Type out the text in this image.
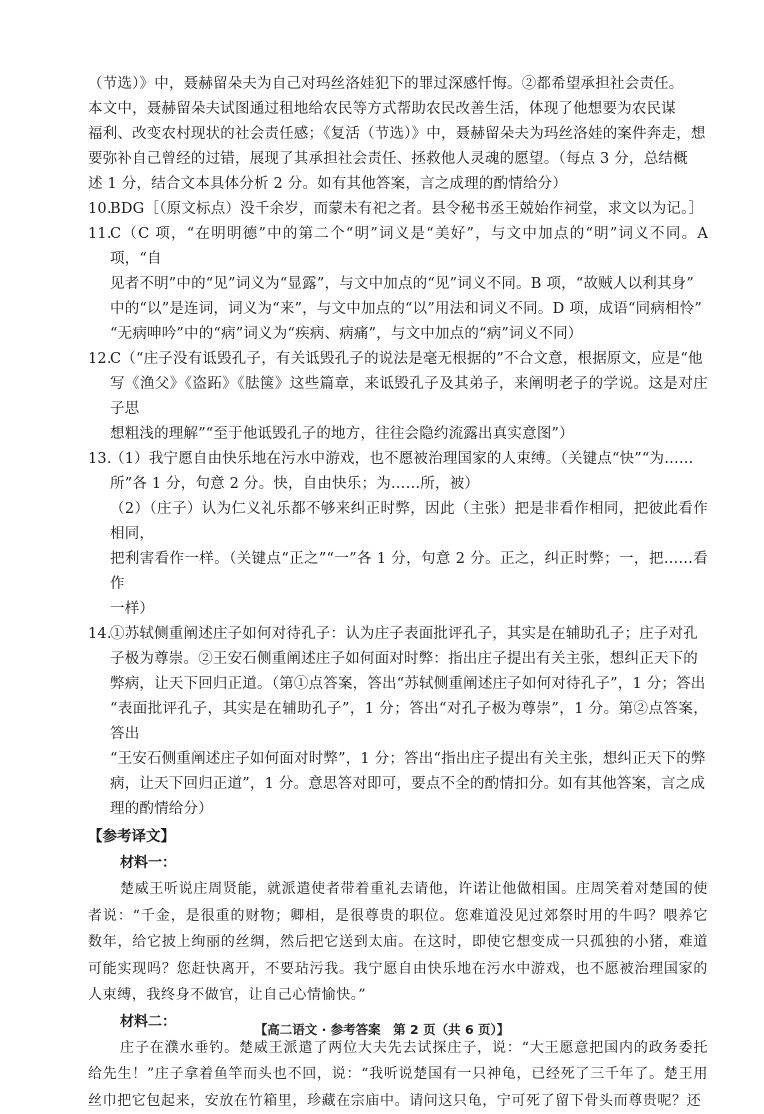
（节选）》中，聂赫留朵夫为自己对玛丝洛娃犯下的罪过深感忏悔。②都希望承担社会责任。

本文中，聂赫留朵夫试图通过租地给农民等方式帮助农民改善生活，体现了他想要为农民谋

福利、改变农村现状的社会责任感；《复活（节选）》中，聂赫留朵夫为玛丝洛娃的案件奔走，想

要弥补自己曾经的过错，展现了其承担社会责任、拯救他人灵魂的愿望。（每点 3 分，总结概

述 1 分，结合文本具体分析 2 分。如有其他答案，言之成理的酌情给分）

10.

BDG［（原文标点）没千余岁，而蒙未有祀之者。县令秘书丞王兢始作祠堂，求文以为记。］

11.

C（C 项，“在明明德”中的第二个“明”词义是“美好”，与文中加点的“明”词义不同。A 项，“自

见者不明”中的“见”词义为“显露”，与文中加点的“见”词义不同。B 项，“故贼人以利其身”

中的“以”是连词，词义为“来”，与文中加点的“以”用法和词义不同。D 项，成语“同病相怜”

“无病呻吟”中的“病”词义为“疾病、病痛”，与文中加点的“病”词义不同）

12.

C（“庄子没有诋毁孔子，有关诋毁孔子的说法是毫无根据的”不合文意，根据原文，应是“他

写《渔父》《盗跖》《胠箧》这些篇章，来诋毁孔子及其弟子，来阐明老子的学说。这是对庄子思

想粗浅的理解”“至于他诋毁孔子的地方，往往会隐约流露出真实意图”）

13.

（1）我宁愿自由快乐地在污水中游戏，也不愿被治理国家的人束缚。（关键点“快”“为……

所”各 1 分，句意 2 分。快，自由快乐；为……所，被）

（2）（庄子）认为仁义礼乐都不够来纠正时弊，因此（主张）把是非看作相同，把彼此看作相同，

把利害看作一样。（关键点“正之”“一”各 1 分，句意 2 分。正之，纠正时弊；一，把……看作

一样）

14.

①苏轼侧重阐述庄子如何对待孔子：认为庄子表面批评孔子，其实是在辅助孔子；庄子对孔

子极为尊崇。②王安石侧重阐述庄子如何面对时弊：指出庄子提出有关主张，想纠正天下的

弊病，让天下回归正道。（第①点答案，答出“苏轼侧重阐述庄子如何对待孔子”，1 分；答出

“表面批评孔子，其实是在辅助孔子”，1 分；答出“对孔子极为尊崇”，1 分。第②点答案，答出

“王安石侧重阐述庄子如何面对时弊”，1 分；答出“指出庄子提出有关主张，想纠正天下的弊

病，让天下回归正道”，1 分。意思答对即可，要点不全的酌情扣分。如有其他答案，言之成

理的酌情给分）

【参考译文】
材料一：

楚威王听说庄周贤能，就派遣使者带着重礼去请他，许诺让他做相国。庄周笑着对楚国的使者说：“千金，是很重的财物；卿相，是很尊贵的职位。您难道没见过郊祭时用的牛吗？喂养它数年，给它披上绚丽的丝绸，然后把它送到太庙。在这时，即使它想变成一只孤独的小猪，难道可能实现吗？您赶快离开，不要玷污我。我宁愿自由快乐地在污水中游戏，也不愿被治理国家的人束缚，我终身不做官，让自己心情愉快。”

材料二：

庄子在濮水垂钓。楚威王派遣了两位大夫先去试探庄子，说：“大王愿意把国内的政务委托给先生！”庄子拿着鱼竿而头也不回，说：“我听说楚国有一只神龟，已经死了三千年了。楚王用丝巾把它包起来，安放在竹箱里，珍藏在宗庙中。请问这只龟，宁可死了留下骨头而尊贵呢？还

【高二语文 · 参考答案　第 2 页（共 6 页）】
